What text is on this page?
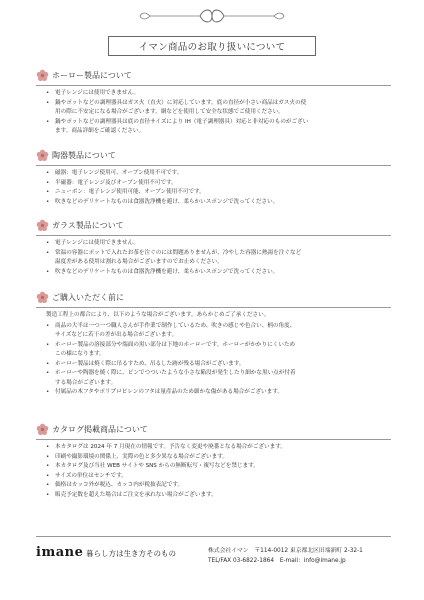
イマン商品のお取り扱いについて
ホーロー製品について
• 電子レンジには使用できません。
• 鍋やポットなどの調理器具はガス火（直火）に対応しています。底の直径が小さい商品はガス火の使
用の際に不安定になる場合がございます。網などを使用して安全な状態でご使用ください。
• 鍋やポットなどの調理器具は底の直径サイズにより IH（電子調理器具）対応と非対応のものがござい
ます。商品詳細をご確認ください。
陶器製品について
• 磁器：電子レンジ使用可、オーブン使用不可です。
• 半磁器：電子レンジ及びオーブン使用不可です。
• ニューボン：電子レンジ使用可能、オーブン使用不可です。
• 吹きなどのデリケートなものは食器洗浄機を避け、柔らかいスポンジで洗ってください。
ガラス製品について
• 電子レンジには使用できません。
• 常温の容器にポットで入れたお茶を注ぐのには問題ありませんが、冷やした容器に熱湯を注ぐなど
温度差がある使用は割れる場合がございますのでお止めください。
• 吹きなどのデリケートなものは食器洗浄機を避け、柔らかいスポンジで洗ってください。
ご購入いただく前に
製造工程上の都合により、以下のような場合がございます。あらかじめご了承ください。
• 商品の大半は一つ一つ職人さんが手作業で制作しているため、吹きの感じや色合い、柄の角度、
サイズなどに若干の差が出る場合がございます。
• ホーロー製品の溶接部分や端面の黒い部分は下地のホーローです。ホーローがかかりにくいため
この様になります。
• ホーロー製品は焼く際に吊るすため、吊るした跡が残る場合がございます。
• ホーローや陶器を焼く際に、ピンでつついたような小さな陥没が発生したり細かな黒い点が付着
する場合がございます。
• 付属品の木フタやポリプロピレンのフタは量産品のため細かな傷がある場合がございます。
カタログ掲載商品について
• 本カタログは 2024 年 7 月現在の情報です。予告なく変更や廃番となる場合がございます。
• 印刷や撮影環境の関係上、実際の色と多少異なる場合がございます。
• 本カタログ及び当社 WEB サイトや SNS からの無断転写・複写などを禁じます。
• サイズの単位はセンチです。
• 価格はカッコ外が税込、カッコ内が税抜表記です。
• 販売予定数を超えた場合はご注文を承れない場合がございます。
imane 暮らし方は生き方そのもの	株式会社イマン　〒114-0012 東京都北区田端新町 2-32-1
TEL/FAX 03-6822-1864　E-mail：info@imane.jp
